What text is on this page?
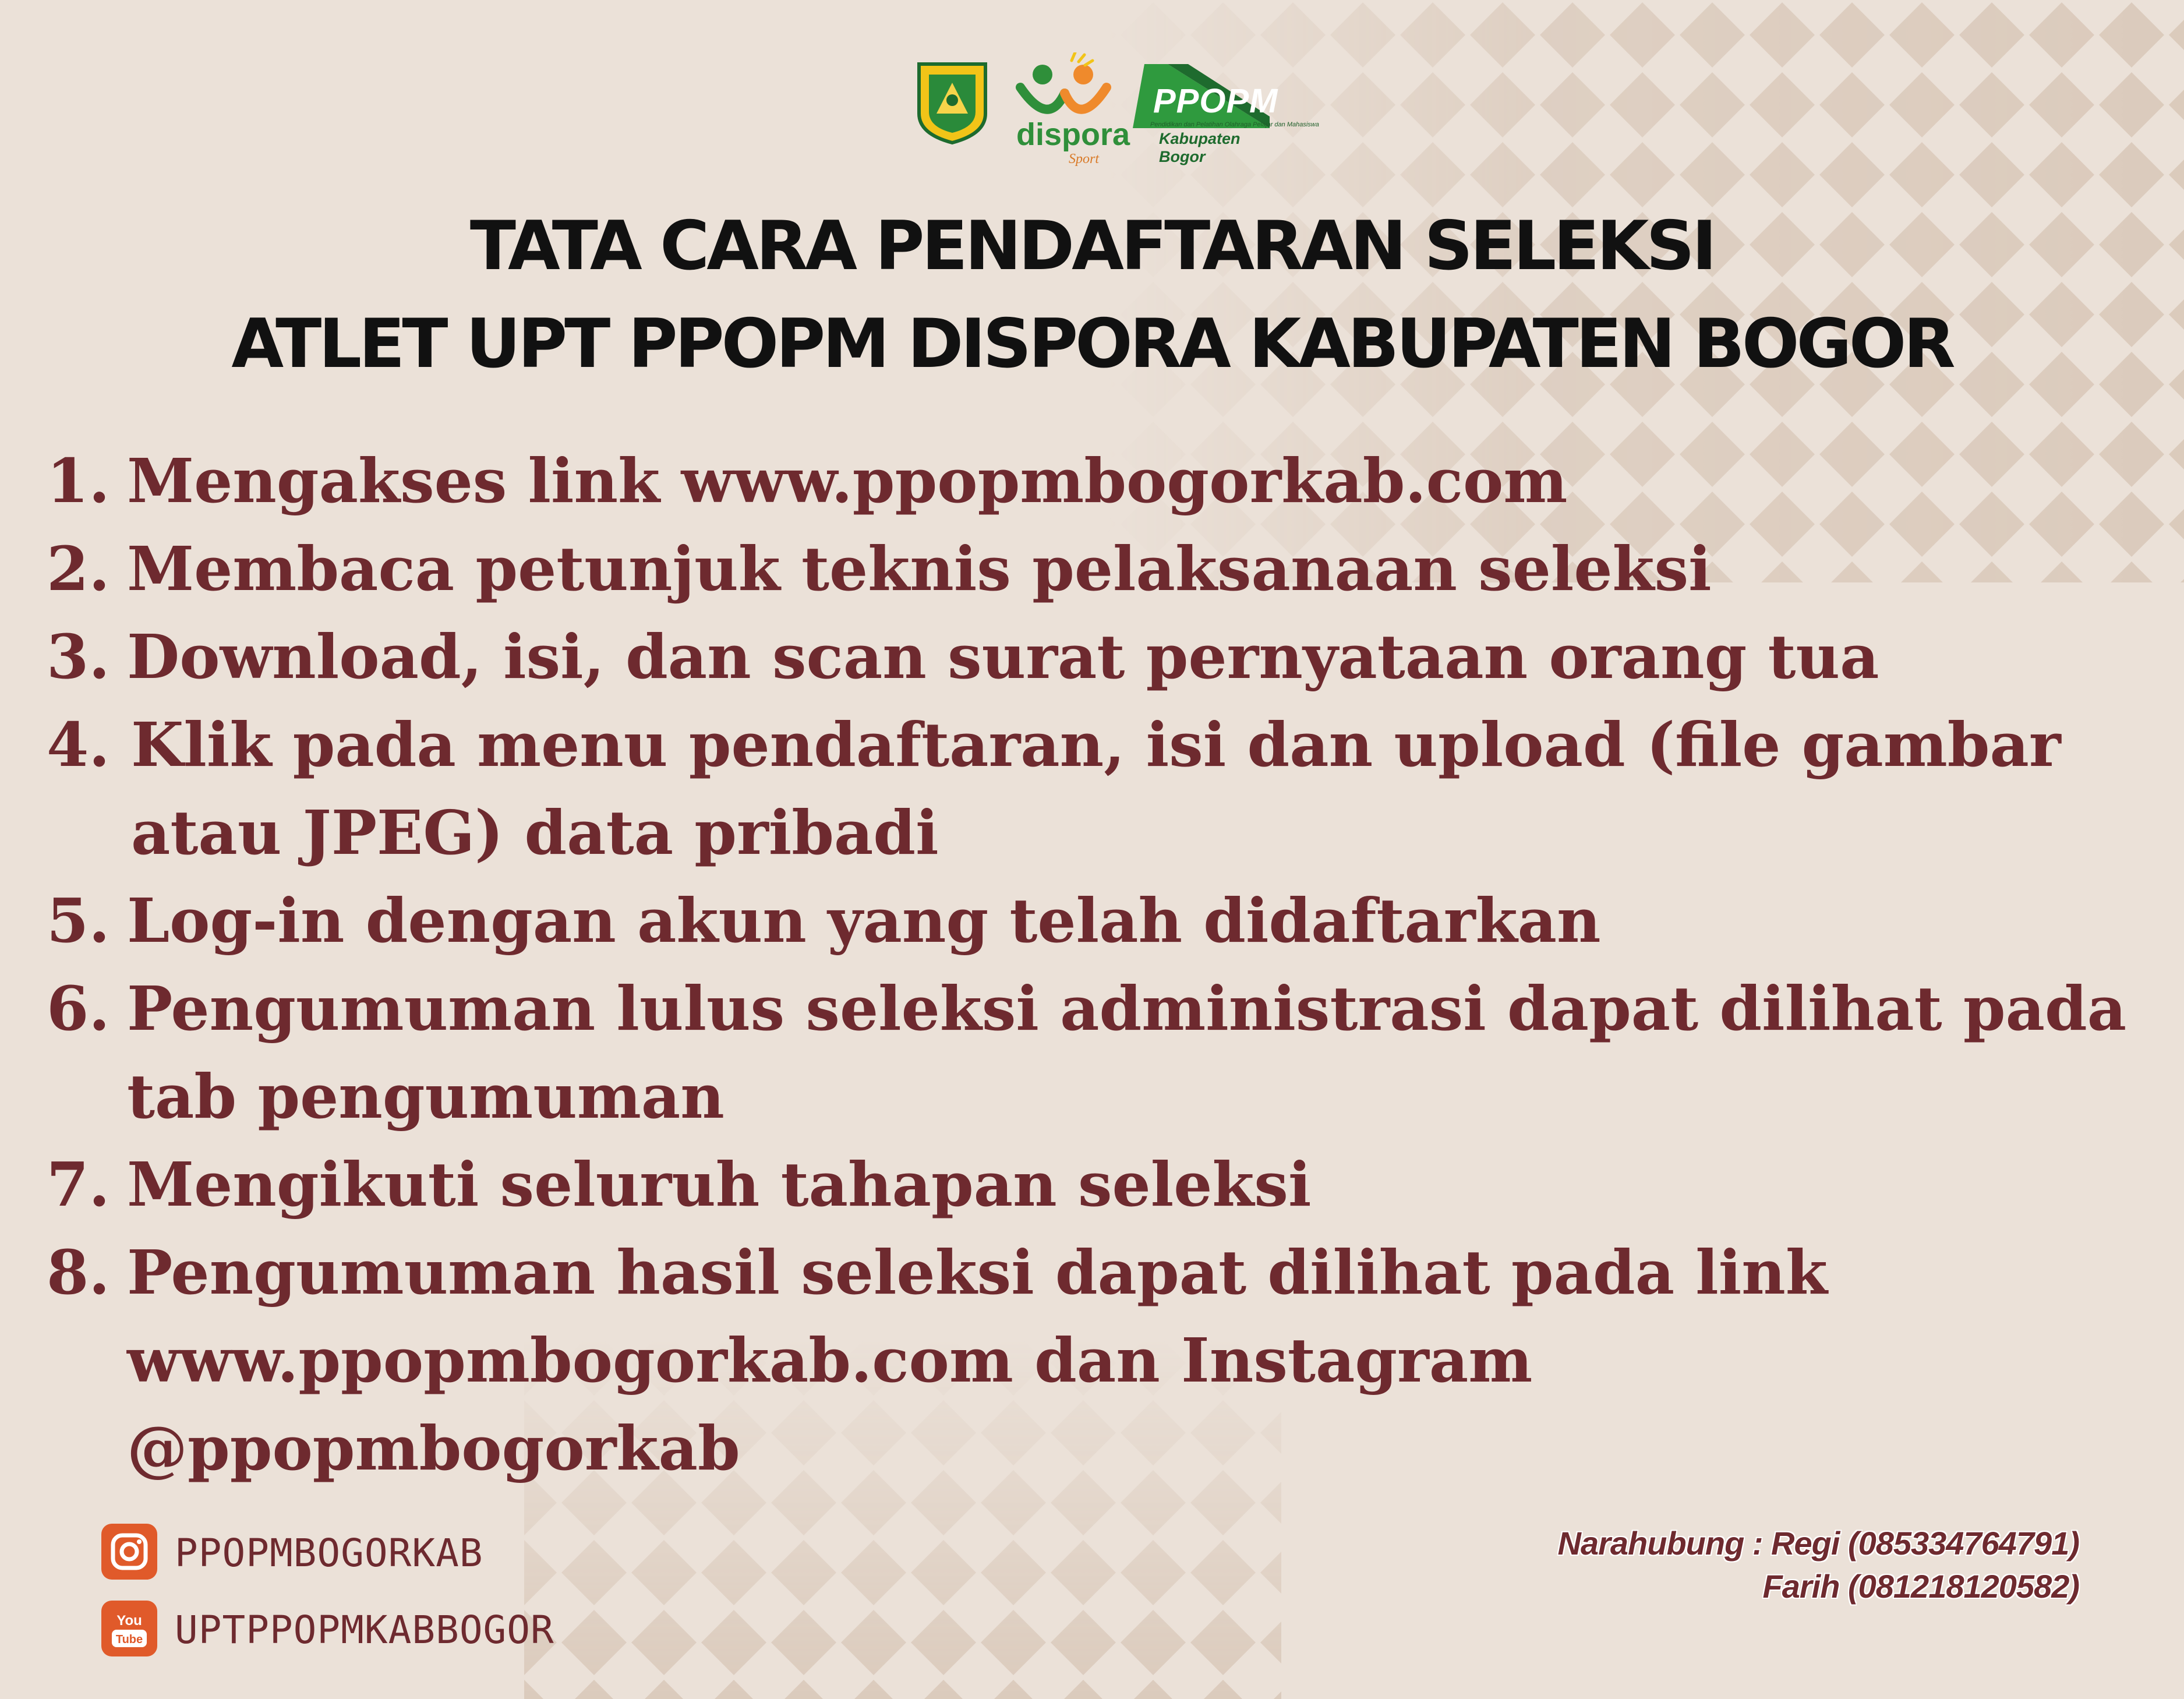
dispora
Sport
PPOPM
Pendidikan dan Pelatihan Olahraga Pelajar dan Mahasiswa
Kabupaten Bogor
TATA CARA PENDAFTARAN SELEKSI
ATLET UPT PPOPM DISPORA KABUPATEN BOGOR
1. Mengakses link www.ppopmbogorkab.com
2. Membaca petunjuk teknis pelaksanaan seleksi
3. Download, isi, dan scan surat pernyataan orang tua
4. Klik pada menu pendaftaran, isi dan upload (file gambar atau JPEG) data pribadi
5. Log-in dengan akun yang telah didaftarkan
6. Pengumuman lulus seleksi administrasi dapat dilihat pada tab pengumuman
7. Mengikuti seluruh tahapan seleksi
8. Pengumuman hasil seleksi dapat dilihat pada link www.ppopmbogorkab.com dan Instagram @ppopmbogorkab
PPOPMBOGORKAB
You
Tube UPTPPOPMKABBOGOR
Narahubung : Regi (085334764791)
Farih (081218120582)
